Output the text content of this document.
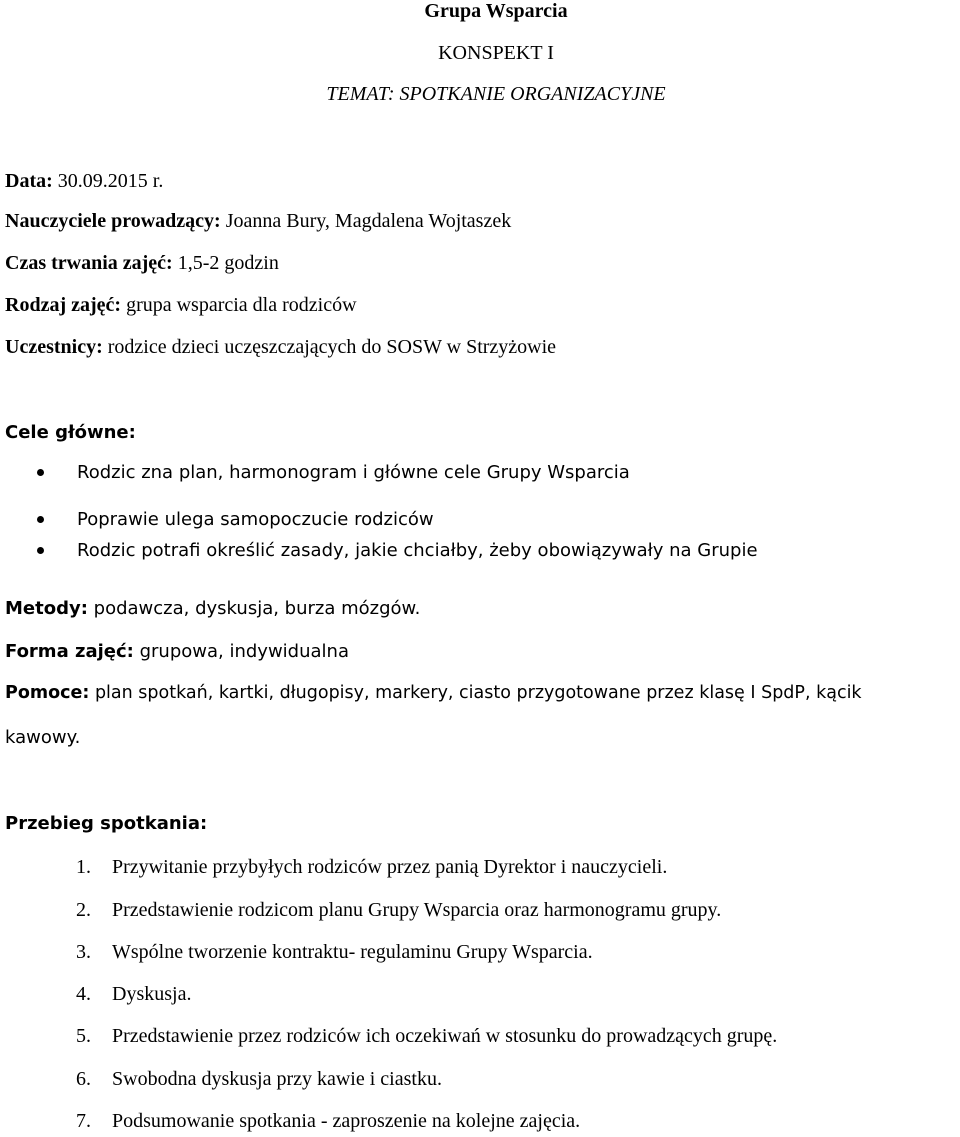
Grupa Wsparcia
KONSPEKT I
TEMAT: SPOTKANIE ORGANIZACYJNE
Data: 30.09.2015 r.
Nauczyciele prowadzący: Joanna Bury, Magdalena Wojtaszek
Czas trwania zajęć: 1,5-2 godzin
Rodzaj zajęć: grupa wsparcia dla rodziców
Uczestnicy: rodzice dzieci uczęszczających do SOSW w Strzyżowie
Cele główne:
Rodzic zna plan, harmonogram i główne cele Grupy Wsparcia
Poprawie ulega samopoczucie rodziców
Rodzic potrafi określić zasady, jakie chciałby, żeby obowiązywały na Grupie
Metody: podawcza, dyskusja, burza mózgów.
Forma zajęć: grupowa, indywidualna
Pomoce: plan spotkań, kartki, długopisy, markery, ciasto przygotowane przez klasę I SpdP, kącik
kawowy.
Przebieg spotkania:
1. Przywitanie przybyłych rodziców przez panią Dyrektor i nauczycieli.
2. Przedstawienie rodzicom planu Grupy Wsparcia oraz harmonogramu grupy.
3. Wspólne tworzenie kontraktu- regulaminu Grupy Wsparcia.
4. Dyskusja.
5. Przedstawienie przez rodziców ich oczekiwań w stosunku do prowadzących grupę.
6. Swobodna dyskusja przy kawie i ciastku.
7. Podsumowanie spotkania - zaproszenie na kolejne zajęcia.
